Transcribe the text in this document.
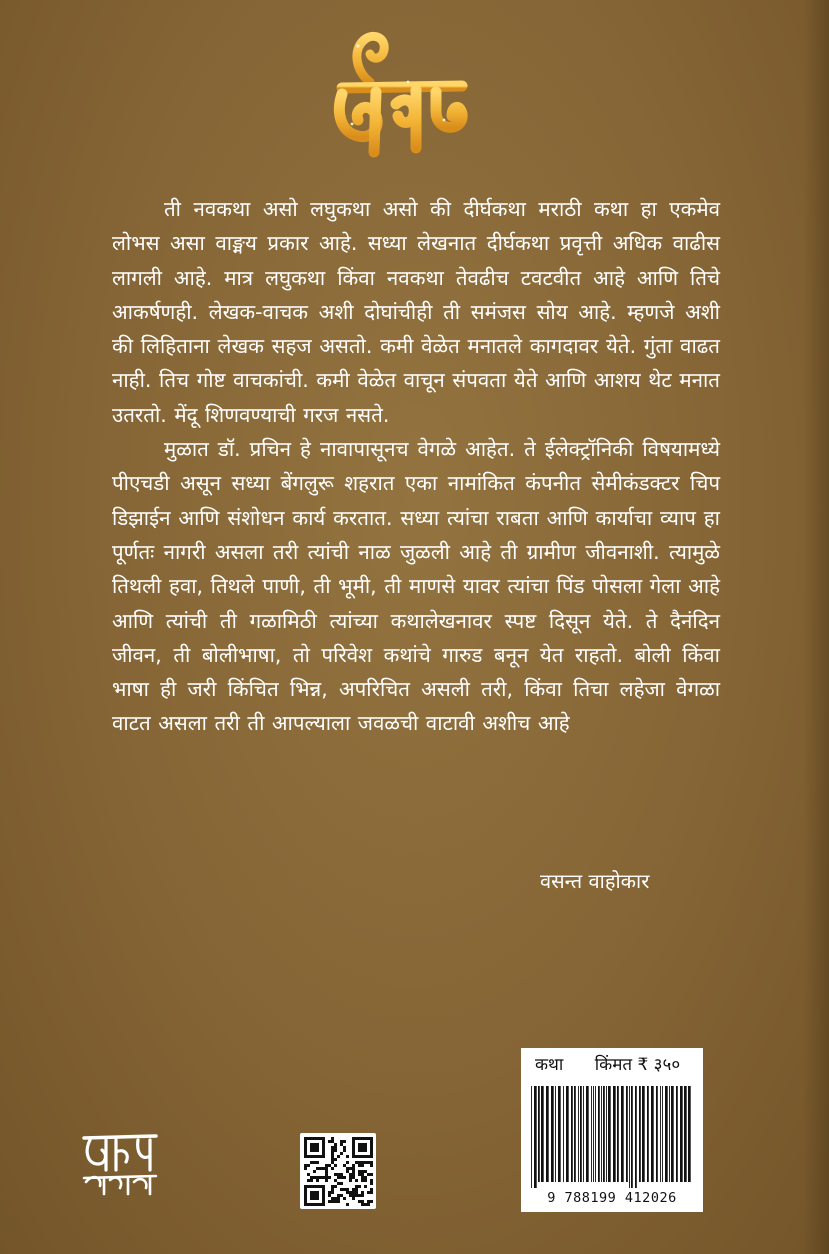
ती नवकथा असो लघुकथा असो की दीर्घकथा मराठी कथा हा एकमेव लोभस असा वाङ्मय प्रकार आहे. सध्या लेखनात दीर्घकथा प्रवृत्ती अधिक वाढीस लागली आहे. मात्र लघुकथा किंवा नवकथा तेवढीच टवटवीत आहे आणि तिचे आकर्षणही. लेखक-वाचक अशी दोघांचीही ती समंजस सोय आहे. म्हणजे अशी की लिहिताना लेखक सहज असतो. कमी वेळेत मनातले कागदावर येते. गुंता वाढत नाही. तिच गोष्ट वाचकांची. कमी वेळेत वाचून संपवता येते आणि आशय थेट मनात उतरतो. मेंदू शिणवण्याची गरज नसते.

मुळात डॉ. प्रचिन हे नावापासूनच वेगळे आहेत. ते ईलेक्ट्रॉनिकी विषयामध्ये पीएचडी असून सध्या बेंगलुरू शहरात एका नामांकित कंपनीत सेमीकंडक्टर चिप डिझाईन आणि संशोधन कार्य करतात. सध्या त्यांचा राबता आणि कार्याचा व्याप हा पूर्णतः नागरी असला तरी त्यांची नाळ जुळली आहे ती ग्रामीण जीवनाशी. त्यामुळे तिथली हवा, तिथले पाणी, ती भूमी, ती माणसे यावर त्यांचा पिंड पोसला गेला आहे आणि त्यांची ती गळामिठी त्यांच्या कथालेखनावर स्पष्ट दिसून येते. ते दैनंदिन जीवन, ती बोलीभाषा, तो परिवेश कथांचे गारुड बनून येत राहतो. बोली किंवा भाषा ही जरी किंचित भिन्न, अपरिचित असली तरी, किंवा तिचा लहेजा वेगळा वाटत असला तरी ती आपल्याला जवळची वाटावी अशीच आहे

वसन्त वाहोकार
कथा किंमत ₹ ३५०
9 788199 412026
